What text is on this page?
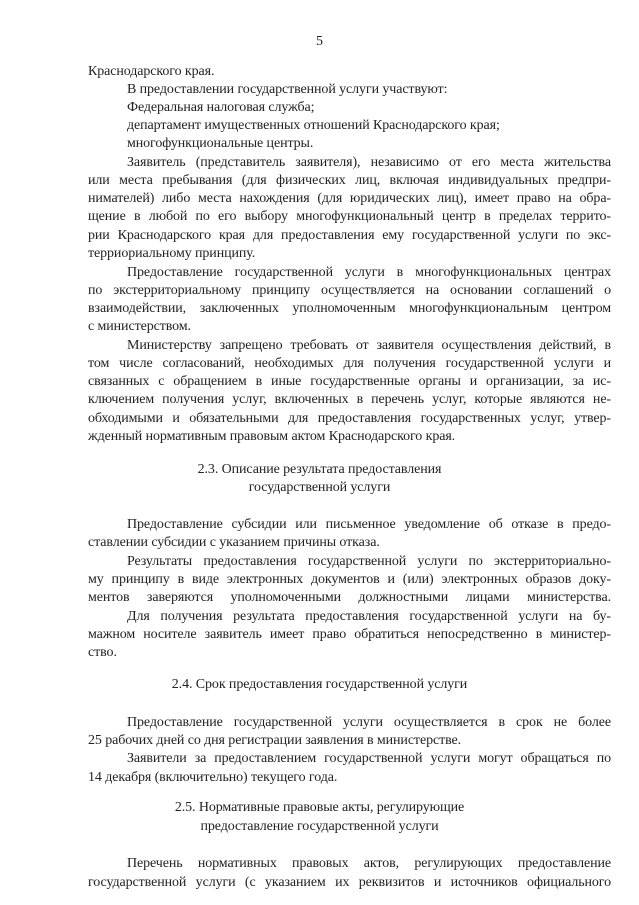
5

Краснодарского края.

В предоставлении государственной услуги участвуют:

Федеральная налоговая служба;

департамент имущественных отношений Краснодарского края;

многофункциональные центры.

Заявитель (представитель заявителя), независимо от его места жительства

или места пребывания (для физических лиц, включая индивидуальных предпри-

нимателей) либо места нахождения (для юридических лиц), имеет право на обра-

щение в любой по его выбору многофункциональный центр в пределах террито-

рии Краснодарского края для предоставления ему государственной услуги по экс-

терриориальному принципу.

Предоставление государственной услуги в многофункциональных центрах

по экстерриториальному принципу осуществляется на основании соглашений о

взаимодействии, заключенных уполномоченным многофункциональным центром

с министерством.

Министерству запрещено требовать от заявителя осуществления действий, в

том числе согласований, необходимых для получения государственной услуги и

связанных с обращением в иные государственные органы и организации, за ис-

ключением получения услуг, включенных в перечень услуг, которые являются не-

обходимыми и обязательными для предоставления государственных услуг, утвер-

жденный нормативным правовым актом Краснодарского края.

2.3. Описание результата предоставления

государственной услуги

Предоставление субсидии или письменное уведомление об отказе в предо-

ставлении субсидии с указанием причины отказа.

Результаты предоставления государственной услуги по экстерриториально-

му принципу в виде электронных документов и (или) электронных образов доку-

ментов заверяются уполномоченными должностными лицами министерства.

Для получения результата предоставления государственной услуги на бу-

мажном носителе заявитель имеет право обратиться непосредственно в министер-

ство.

2.4. Срок предоставления государственной услуги

Предоставление государственной услуги осуществляется в срок не более

25 рабочих дней со дня регистрации заявления в министерстве.

Заявители за предоставлением государственной услуги могут обращаться по

14 декабря (включительно) текущего года.

2.5. Нормативные правовые акты, регулирующие

предоставление государственной услуги

Перечень нормативных правовых актов, регулирующих предоставление

государственной услуги (с указанием их реквизитов и источников официального
